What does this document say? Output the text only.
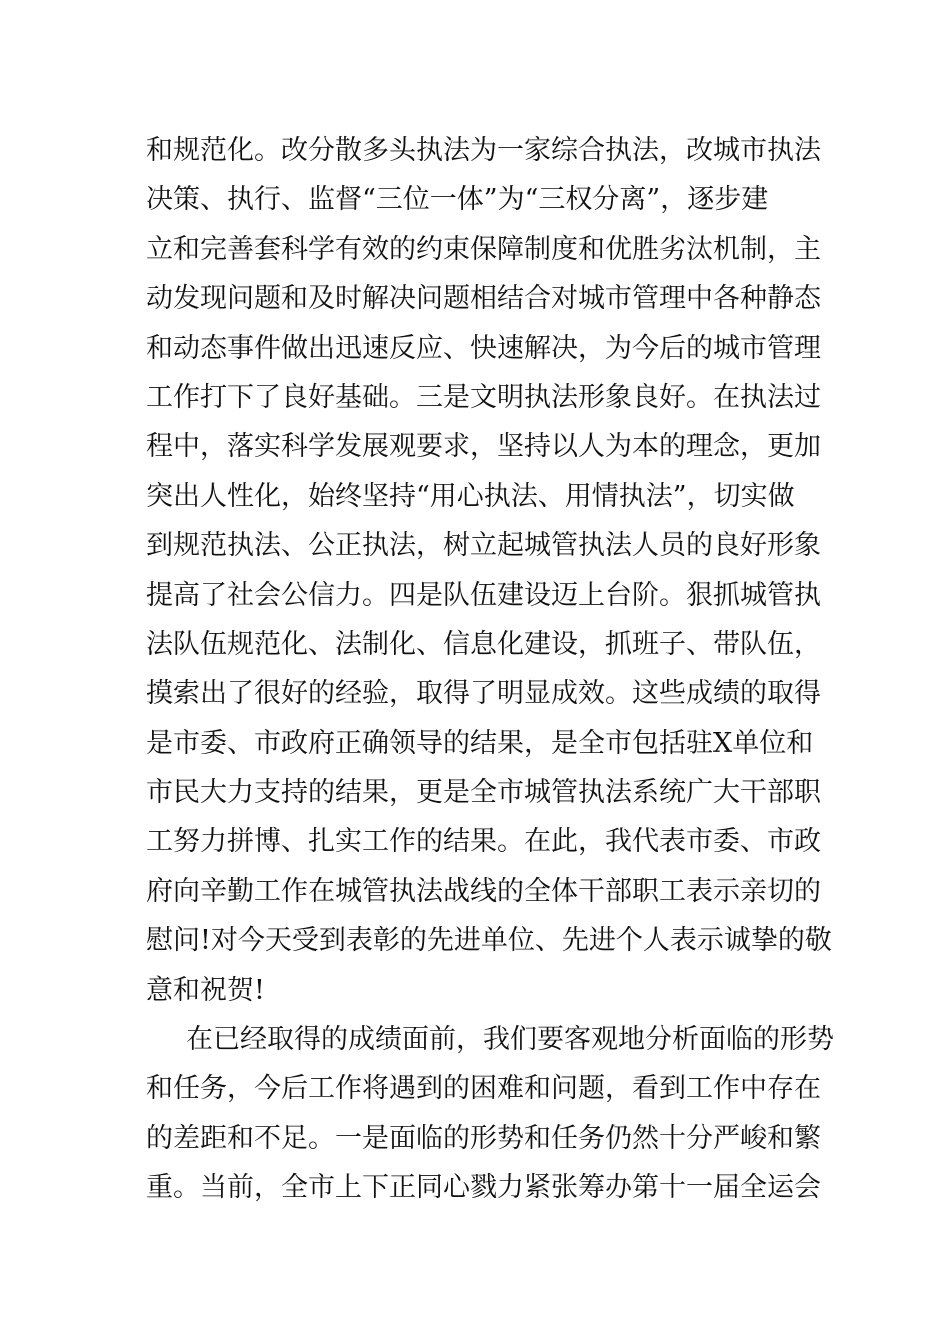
和规范化。改分散多头执法为一家综合执法，改城市执法
决策、执行、监督“三位一体”为“三权分离”，逐步建
立和完善套科学有效的约束保障制度和优胜劣汰机制，主
动发现问题和及时解决问题相结合对城市管理中各种静态
和动态事件做出迅速反应、快速解决，为今后的城市管理
工作打下了良好基础。三是文明执法形象良好。在执法过
程中，落实科学发展观要求，坚持以人为本的理念，更加
突出人性化，始终坚持“用心执法、用情执法”，切实做
到规范执法、公正执法，树立起城管执法人员的良好形象
提高了社会公信力。四是队伍建设迈上台阶。狠抓城管执
法队伍规范化、法制化、信息化建设，抓班子、带队伍，
摸索出了很好的经验，取得了明显成效。这些成绩的取得
是市委、市政府正确领导的结果，是全市包括驻X单位和
市民大力支持的结果，更是全市城管执法系统广大干部职
工努力拼博、扎实工作的结果。在此，我代表市委、市政
府向辛勤工作在城管执法战线的全体干部职工表示亲切的
慰问!对今天受到表彰的先进单位、先进个人表示诚挚的敬
意和祝贺!
在已经取得的成绩面前，我们要客观地分析面临的形势
和任务，今后工作将遇到的困难和问题，看到工作中存在
的差距和不足。一是面临的形势和任务仍然十分严峻和繁
重。当前，全市上下正同心戮力紧张筹办第十一届全运会
